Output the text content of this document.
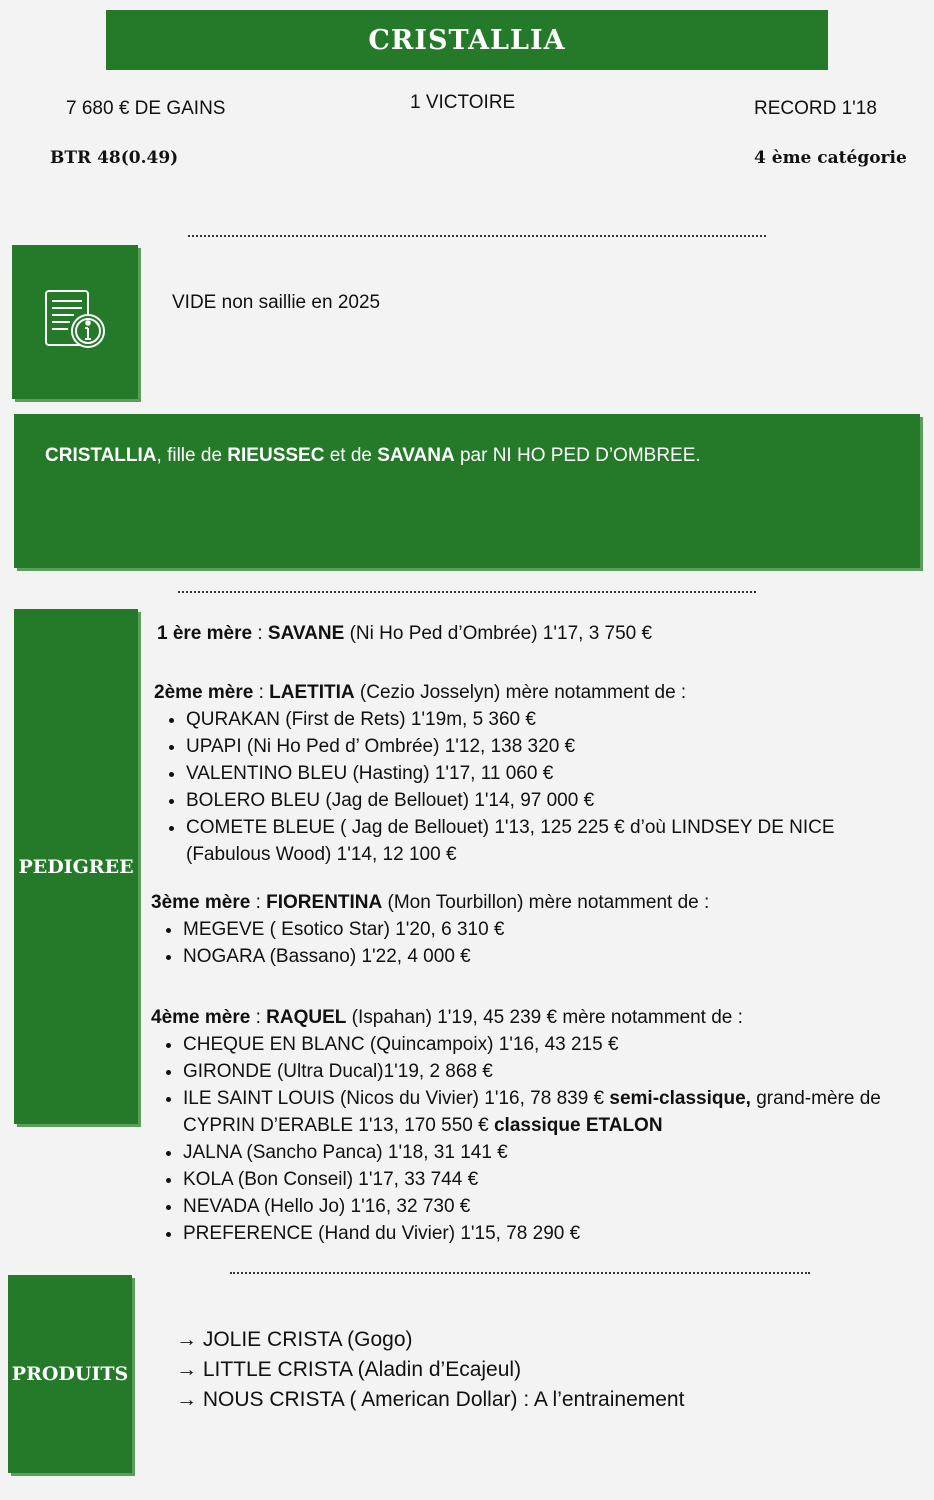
CRISTALLIA
7 680 € DE GAINS	1 VICTOIRE	RECORD 1'18
BTR 48(0.49)	4 ème catégorie
VIDE non saillie en 2025
CRISTALLIA, fille de RIEUSSEC et de SAVANA par NI HO PED D’OMBREE.
PEDIGREE
1 ère mère : SAVANE (Ni Ho Ped d’Ombrée) 1'17, 3 750 €
2ème mère : LAETITIA (Cezio Josselyn) mère notamment de :
• QURAKAN (First de Rets) 1'19m, 5 360 €
• UPAPI (Ni Ho Ped d’ Ombrée) 1'12, 138 320 €
• VALENTINO BLEU (Hasting) 1'17, 11 060 €
• BOLERO BLEU (Jag de Bellouet) 1'14, 97 000 €
• COMETE BLEUE ( Jag de Bellouet) 1'13, 125 225 € d’où LINDSEY DE NICE (Fabulous Wood) 1'14, 12 100 €
3ème mère : FIORENTINA (Mon Tourbillon) mère notamment de :
• MEGEVE ( Esotico Star) 1'20, 6 310 €
• NOGARA (Bassano) 1'22, 4 000 €
4ème mère : RAQUEL (Ispahan) 1'19, 45 239 € mère notamment de :
• CHEQUE EN BLANC (Quincampoix) 1'16, 43 215 €
• GIRONDE (Ultra Ducal)1'19, 2 868 €
• ILE SAINT LOUIS (Nicos du Vivier) 1'16, 78 839 € semi-classique, grand-mère de CYPRIN D’ERABLE 1'13, 170 550 € classique ETALON
• JALNA (Sancho Panca) 1'18, 31 141 €
• KOLA (Bon Conseil) 1'17, 33 744 €
• NEVADA (Hello Jo) 1'16, 32 730 €
• PREFERENCE (Hand du Vivier) 1'15, 78 290 €
PRODUITS
→ JOLIE CRISTA (Gogo)
→ LITTLE CRISTA (Aladin d’Ecajeul)
→ NOUS CRISTA ( American Dollar) : A l’entrainement
